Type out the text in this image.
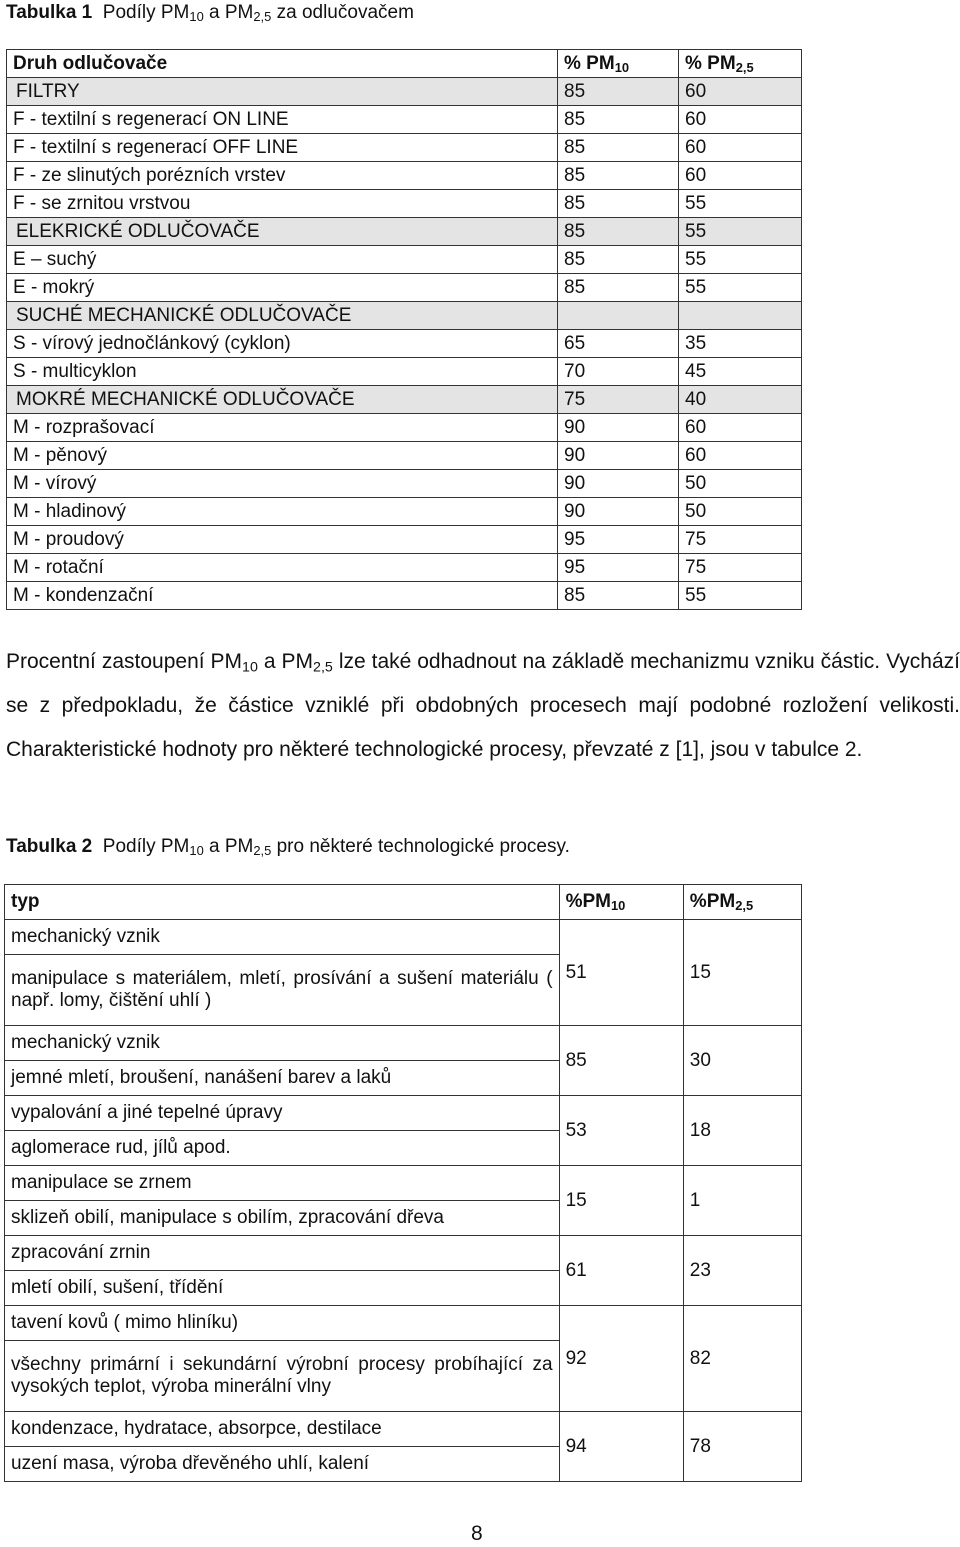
Tabulka 1 Podíly $PM_{10}$ a $PM_{2,5}$ za odlučovačem
Druh odlučovače	% $PM_{10}$	% $PM_{2,5}$
FILTRY	85	60
F - textilní s regenerací ON LINE	85	60
F - textilní s regenerací OFF LINE	85	60
F - ze slinutých porézních vrstev	85	60
F - se zrnitou vrstvou	85	55
ELEKRICKÉ ODLUČOVAČE	85	55
E – suchý	85	55
E - mokrý	85	55
SUCHÉ MECHANICKÉ ODLUČOVAČE		
S - vírový jednočlánkový (cyklon)	65	35
S - multicyklon	70	45
MOKRÉ MECHANICKÉ ODLUČOVAČE	75	40
M - rozprašovací	90	60
M - pěnový	90	60
M - vírový	90	50
M - hladinový	90	50
M - proudový	95	75
M - rotační	95	75
M - kondenzační	85	55
Procentní zastoupení $PM_{10}$ a $PM_{2,5}$ lze také odhadnout na základě mechanizmu vzniku částic. Vychází se z předpokladu, že částice vzniklé při obdobných procesech mají podobné rozložení velikosti. Charakteristické hodnoty pro některé technologické procesy, převzaté z [1], jsou v tabulce 2.
Tabulka 2 Podíly $PM_{10}$ a $PM_{2,5}$ pro některé technologické procesy.
typ	$\%PM_{10}$	$\%PM_{2,5}$
mechanický vznik	51	15
manipulace s materiálem, mletí, prosívání a sušení materiálu ( např. lomy, čištění uhlí )		
mechanický vznik	85	30
jemné mletí, broušení, nanášení barev a laků		
vypalování a jiné tepelné úpravy	53	18
aglomerace rud, jílů apod.		
manipulace se zrnem	15	1
sklizeň obilí, manipulace s obilím, zpracování dřeva		
zpracování zrnin	61	23
mletí obilí, sušení, třídění		
tavení kovů ( mimo hliníku)	92	82
všechny primární i sekundární výrobní procesy probíhající za vysokých teplot, výroba minerální vlny		
kondenzace, hydratace, absorpce, destilace	94	78
uzení masa, výroba dřevěného uhlí, kalení		
8
